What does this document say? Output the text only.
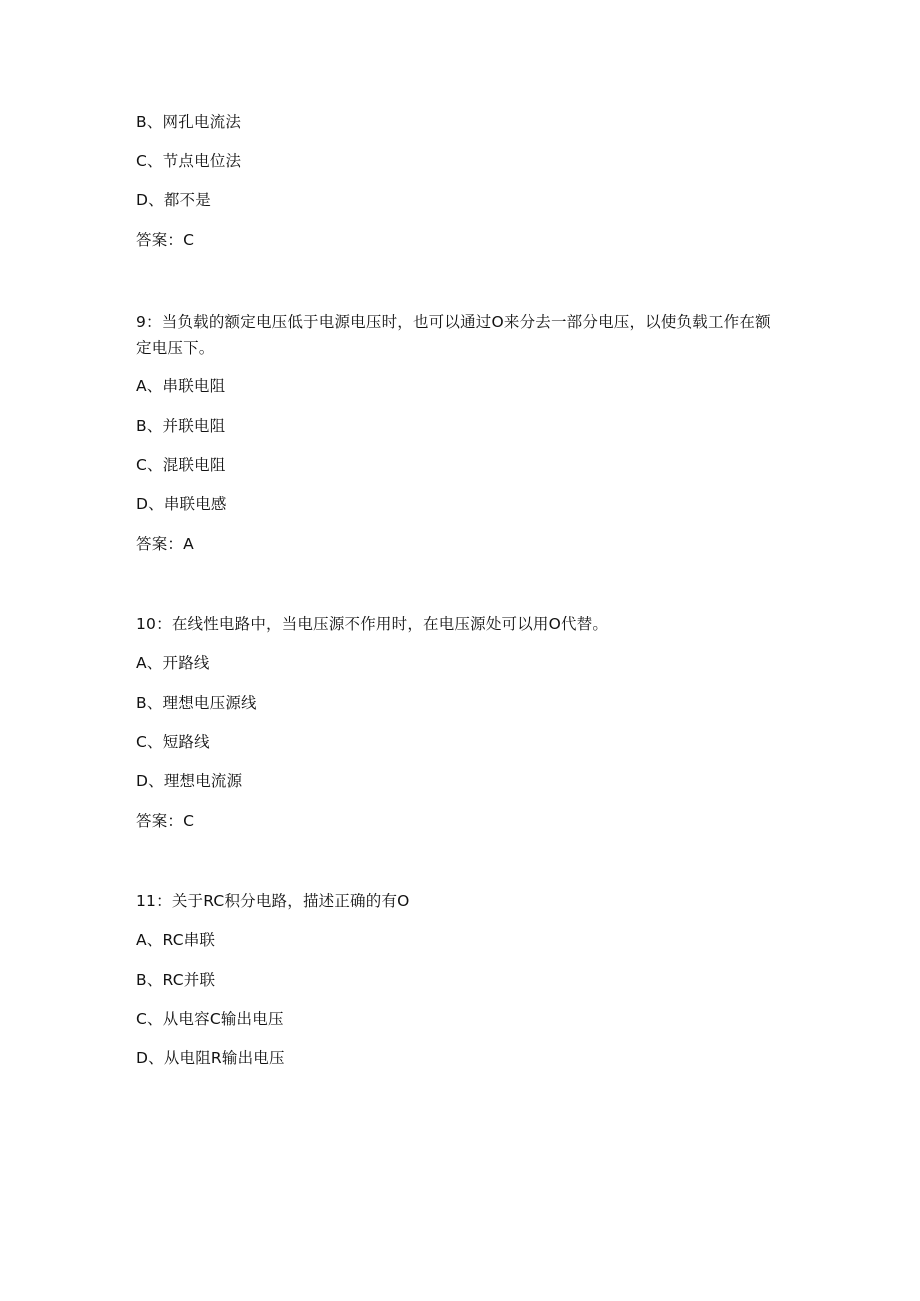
B、网孔电流法
C、节点电位法
D、都不是
答案：C
9：当负载的额定电压低于电源电压时，也可以通过O来分去一部分电压，以使负载工作在额定电压下。
A、串联电阻
B、并联电阻
C、混联电阻
D、串联电感
答案：A
10：在线性电路中，当电压源不作用时，在电压源处可以用O代替。
A、开路线
B、理想电压源线
C、短路线
D、理想电流源
答案：C
11：关于RC积分电路，描述正确的有O
A、RC串联
B、RC并联
C、从电容C输出电压
D、从电阻R输出电压
